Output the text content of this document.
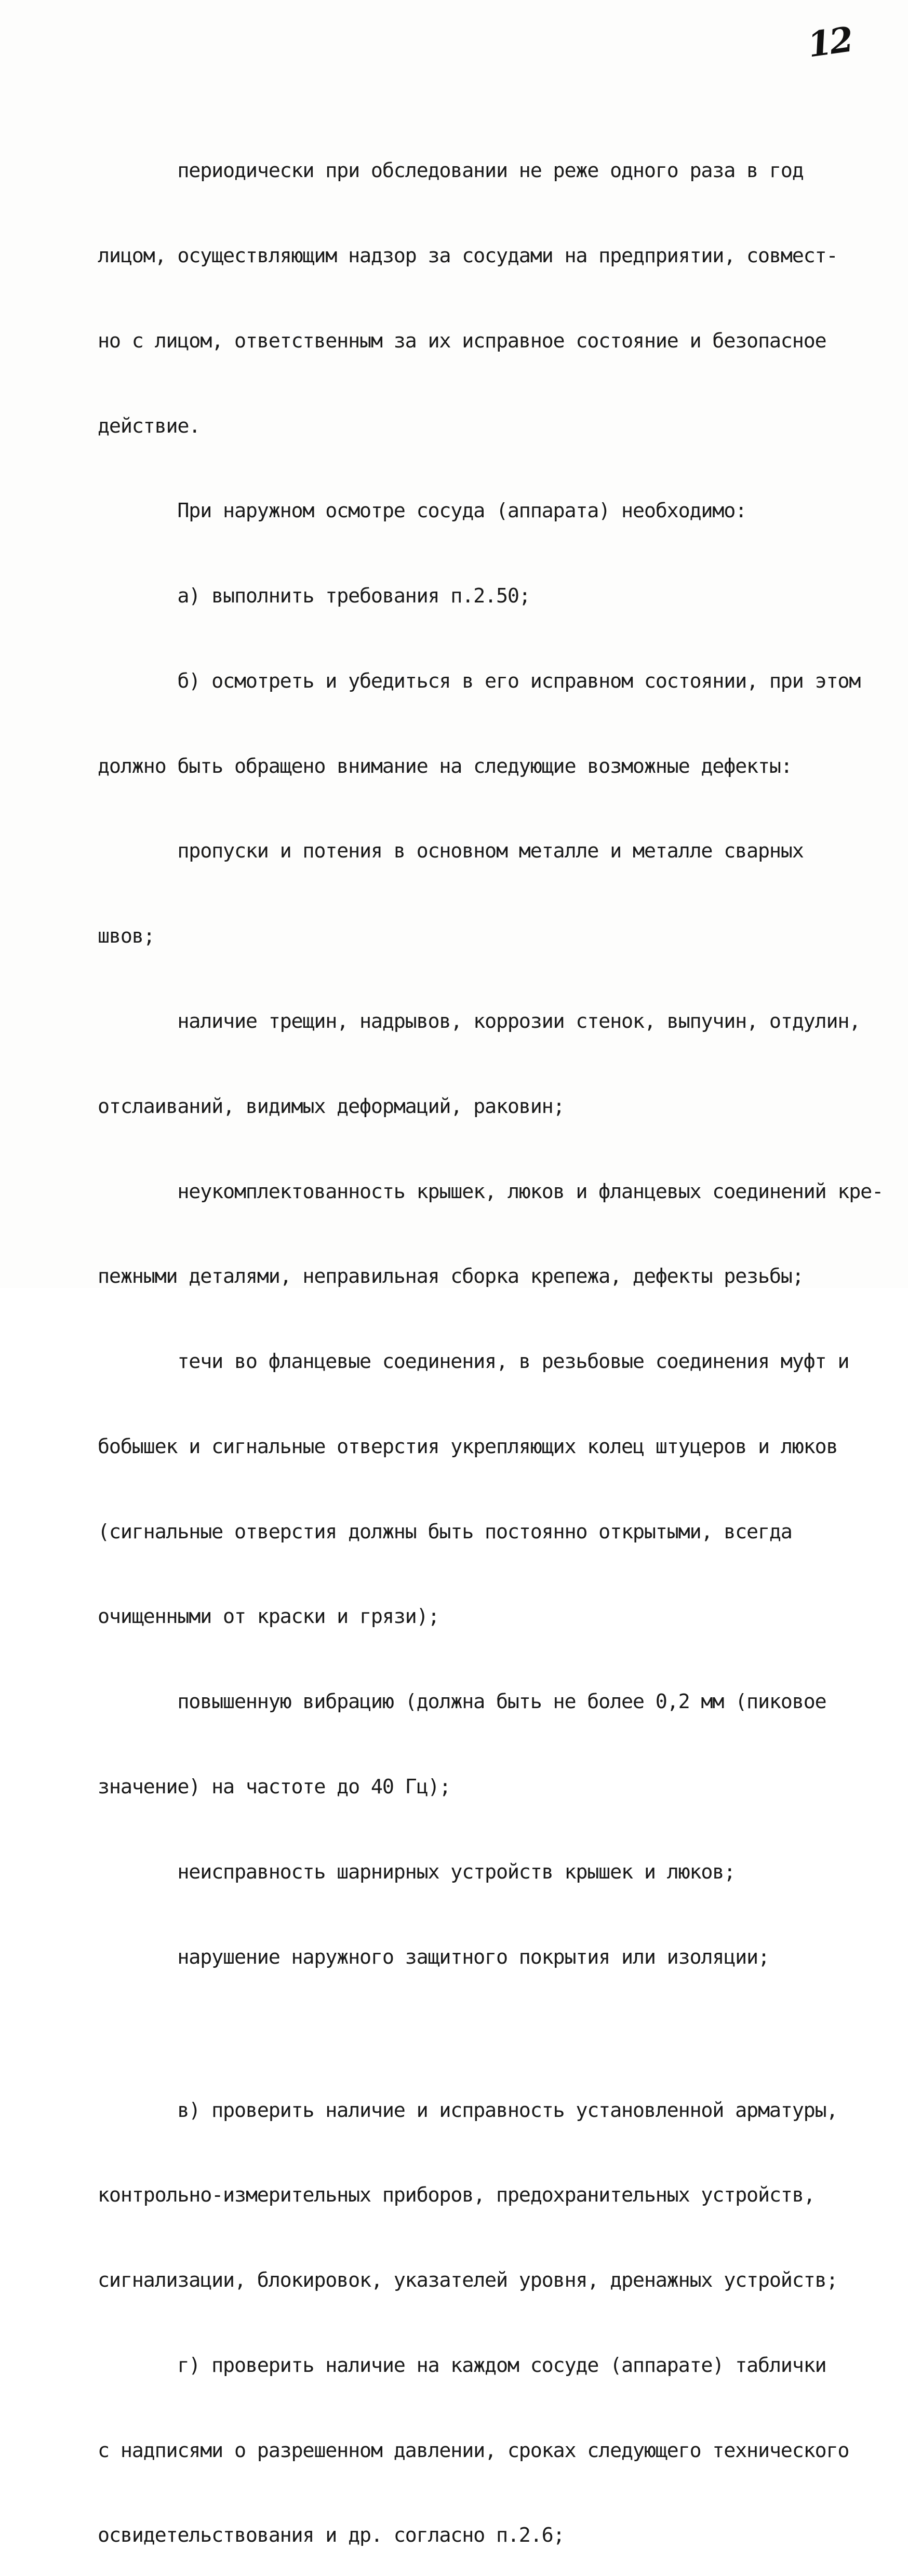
12

периодически при обследовании не реже одного раза в год

лицом, осуществляющим надзор за сосудами на предприятии, совмест-

но с лицом, ответственным за их исправное состояние и безопасное

действие.

При наружном осмотре сосуда (аппарата) необходимо:

а) выполнить требования п.2.50;

б) осмотреть и убедиться в его исправном состоянии, при этом

должно быть обращено внимание на следующие возможные дефекты:

пропуски и потения в основном металле и металле сварных

швов;

наличие трещин, надрывов, коррозии стенок, выпучин, отдулин,

отслаиваний, видимых деформаций, раковин;

неукомплектованность крышек, люков и фланцевых соединений кре-

пежными деталями, неправильная сборка крепежа, дефекты резьбы;

течи во фланцевые соединения, в резьбовые соединения муфт и

бобышек и сигнальные отверстия укрепляющих колец штуцеров и люков

(сигнальные отверстия должны быть постоянно открытыми, всегда

очищенными от краски и грязи);

повышенную вибрацию (должна быть не более 0,2 мм (пиковое

значение) на частоте до 40 Гц);

неисправность шарнирных устройств крышек и люков;

нарушение наружного защитного покрытия или изоляции;

в) проверить наличие и исправность установленной арматуры,

контрольно-измерительных приборов, предохранительных устройств,

сигнализации, блокировок, указателей уровня, дренажных устройств;

г) проверить наличие на каждом сосуде (аппарате) таблички

с надписями о разрешенном давлении, сроках следующего технического

освидетельствования и др. согласно п.2.6;
